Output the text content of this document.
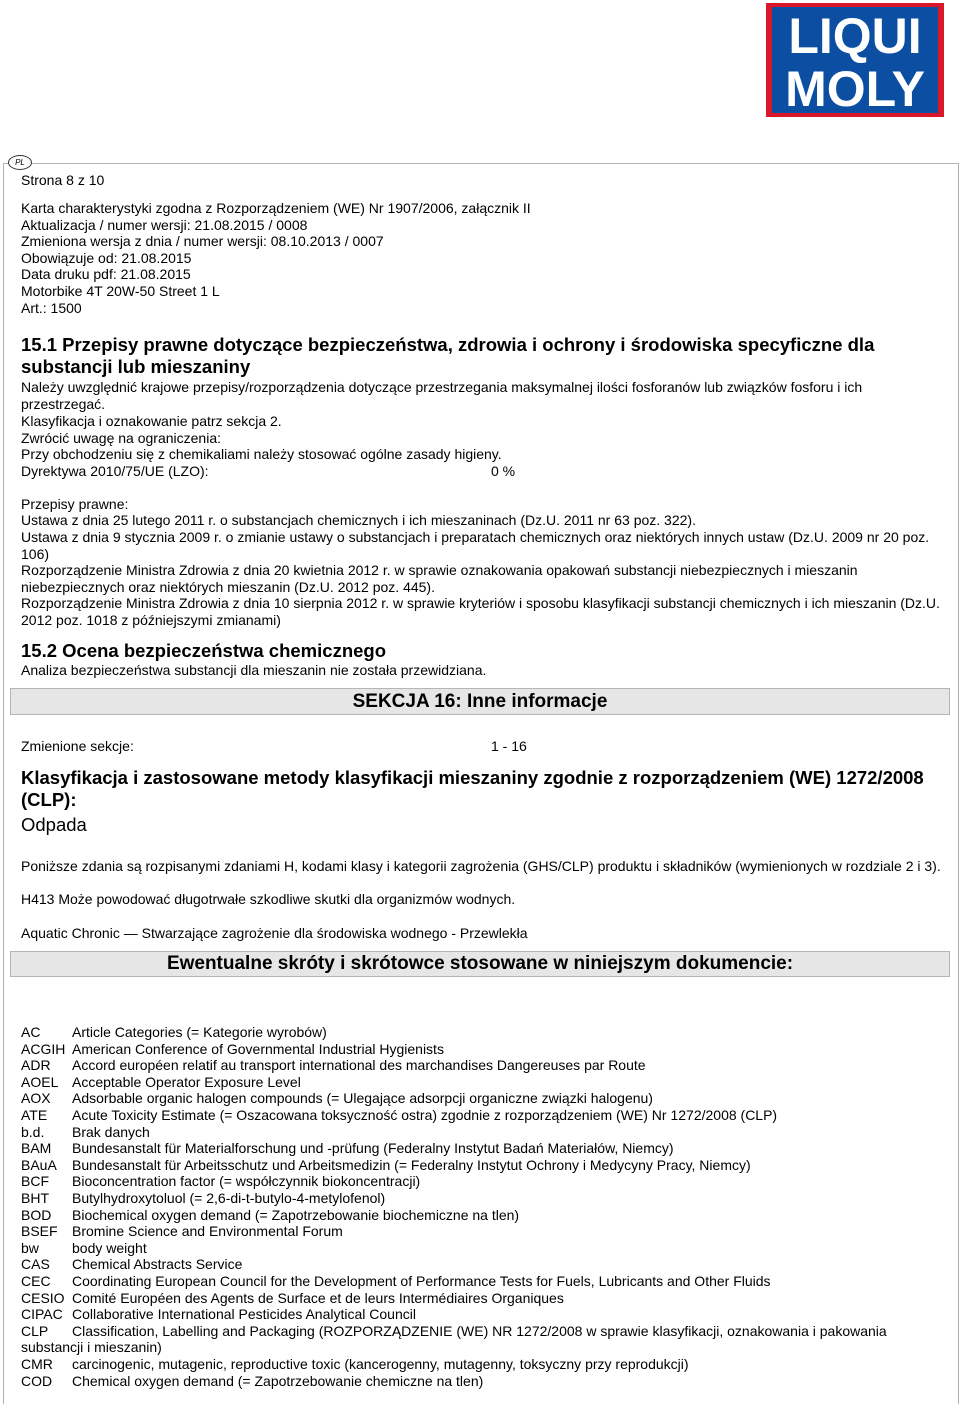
LIQUI
MOLY
PL
Strona 8 z 10
Karta charakterystyki zgodna z Rozporządzeniem (WE) Nr 1907/2006, załącznik II
Aktualizacja / numer wersji: 21.08.2015 / 0008
Zmieniona wersja z dnia / numer wersji: 08.10.2013 / 0007
Obowiązuje od: 21.08.2015
Data druku pdf: 21.08.2015
Motorbike 4T 20W-50 Street 1 L
Art.: 1500
15.1 Przepisy prawne dotyczące bezpieczeństwa, zdrowia i ochrony i środowiska specyficzne dla substancji lub mieszaniny
Należy uwzględnić krajowe przepisy/rozporządzenia dotyczące przestrzegania maksymalnej ilości fosforanów lub związków fosforu i ich przestrzegać.
Klasyfikacja i oznakowanie patrz sekcja 2.
Zwrócić uwagę na ograniczenia:
Przy obchodzeniu się z chemikaliami należy stosować ogólne zasady higieny.
Dyrektywa 2010/75/UE (LZO):	0 %
Przepisy prawne:
Ustawa z dnia 25 lutego 2011 r. o substancjach chemicznych i ich mieszaninach (Dz.U. 2011 nr 63 poz. 322).
Ustawa z dnia 9 stycznia 2009 r. o zmianie ustawy o substancjach i preparatach chemicznych oraz niektórych innych ustaw (Dz.U. 2009 nr 20 poz. 106)
Rozporządzenie Ministra Zdrowia z dnia 20 kwietnia 2012 r. w sprawie oznakowania opakowań substancji niebezpiecznych i mieszanin niebezpiecznych oraz niektórych mieszanin (Dz.U. 2012 poz. 445).
Rozporządzenie Ministra Zdrowia z dnia 10 sierpnia 2012 r. w sprawie kryteriów i sposobu klasyfikacji substancji chemicznych i ich mieszanin (Dz.U. 2012 poz. 1018 z późniejszymi zmianami)
15.2 Ocena bezpieczeństwa chemicznego
Analiza bezpieczeństwa substancji dla mieszanin nie została przewidziana.
SEKCJA 16: Inne informacje
Zmienione sekcje:	1 - 16
Klasyfikacja i zastosowane metody klasyfikacji mieszaniny zgodnie z rozporządzeniem (WE) 1272/2008 (CLP):
Odpada
Poniższe zdania są rozpisanymi zdaniami H, kodami klasy i kategorii zagrożenia (GHS/CLP) produktu i składników (wymienionych w rozdziale 2 i 3).
H413 Może powodować długotrwałe szkodliwe skutki dla organizmów wodnych.
Aquatic Chronic — Stwarzające zagrożenie dla środowiska wodnego - Przewlekła
Ewentualne skróty i skrótowce stosowane w niniejszym dokumencie:
AC Article Categories (= Kategorie wyrobów)
ACGIH American Conference of Governmental Industrial Hygienists
ADR Accord européen relatif au transport international des marchandises Dangereuses par Route
AOEL Acceptable Operator Exposure Level
AOX Adsorbable organic halogen compounds (= Ulegające adsorpcji organiczne związki halogenu)
ATE Acute Toxicity Estimate (= Oszacowana toksyczność ostra) zgodnie z rozporządzeniem (WE) Nr 1272/2008 (CLP)
b.d. Brak danych
BAM Bundesanstalt für Materialforschung und -prüfung (Federalny Instytut Badań Materiałów, Niemcy)
BAuA Bundesanstalt für Arbeitsschutz und Arbeitsmedizin (= Federalny Instytut Ochrony i Medycyny Pracy, Niemcy)
BCF Bioconcentration factor (= współczynnik biokoncentracji)
BHT Butylhydroxytoluol (= 2,6-di-t-butylo-4-metylofenol)
BOD Biochemical oxygen demand (= Zapotrzebowanie biochemiczne na tlen)
BSEF Bromine Science and Environmental Forum
bw body weight
CAS Chemical Abstracts Service
CEC Coordinating European Council for the Development of Performance Tests for Fuels, Lubricants and Other Fluids
CESIO Comité Européen des Agents de Surface et de leurs Intermédiaires Organiques
CIPAC Collaborative International Pesticides Analytical Council
CLP Classification, Labelling and Packaging (ROZPORZĄDZENIE (WE) NR 1272/2008 w sprawie klasyfikacji, oznakowania i pakowania
substancji i mieszanin)
CMR carcinogenic, mutagenic, reproductive toxic (kancerogenny, mutagenny, toksyczny przy reprodukcji)
COD Chemical oxygen demand (= Zapotrzebowanie chemiczne na tlen)
